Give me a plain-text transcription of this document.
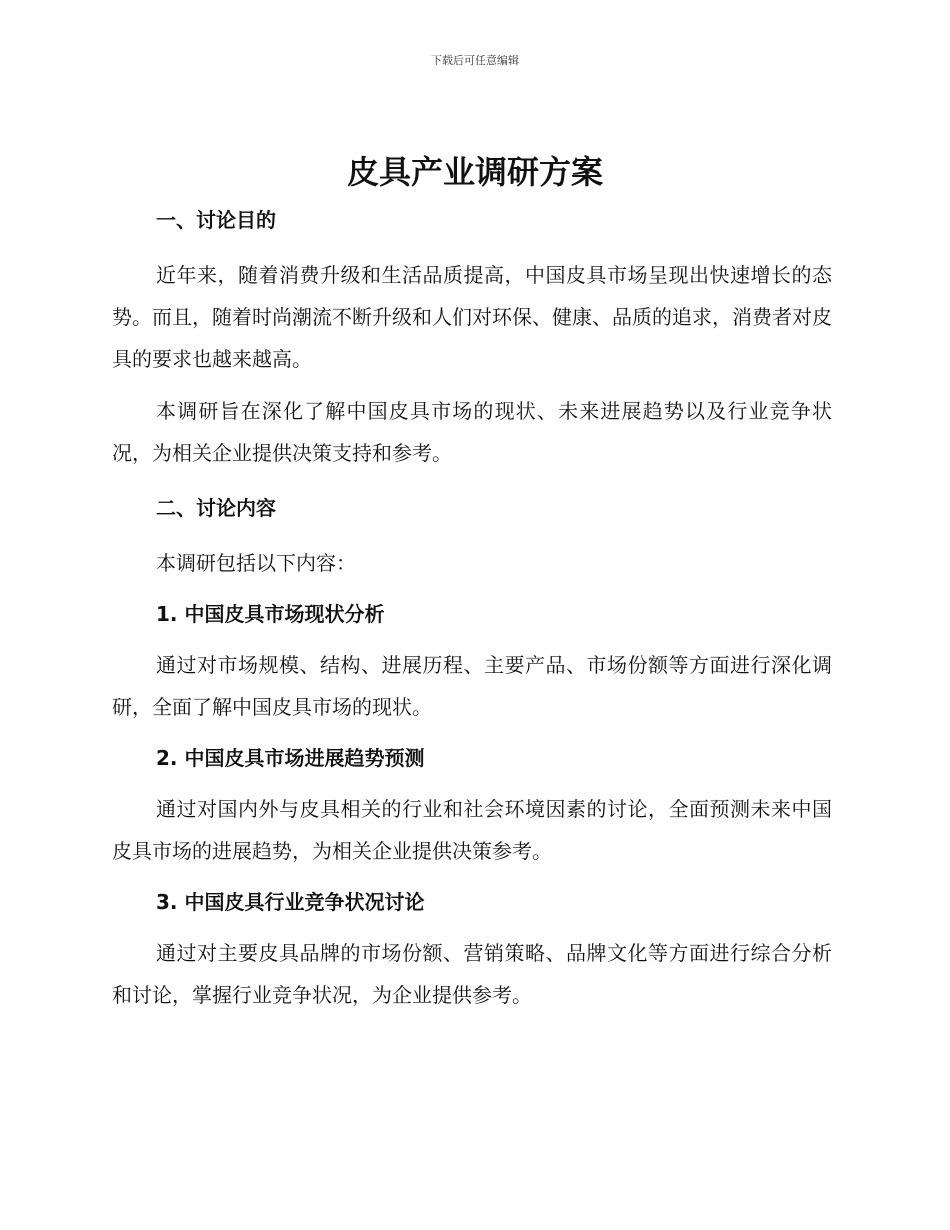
下载后可任意编辑
皮具产业调研方案
一、讨论目的

近年来，随着消费升级和生活品质提高，中国皮具市场呈现出快速增长的态势。而且，随着时尚潮流不断升级和人们对环保、健康、品质的追求，消费者对皮具的要求也越来越高。

本调研旨在深化了解中国皮具市场的现状、未来进展趋势以及行业竞争状况，为相关企业提供决策支持和参考。

二、讨论内容

本调研包括以下内容：

1. 中国皮具市场现状分析

通过对市场规模、结构、进展历程、主要产品、市场份额等方面进行深化调研，全面了解中国皮具市场的现状。

2. 中国皮具市场进展趋势预测

通过对国内外与皮具相关的行业和社会环境因素的讨论，全面预测未来中国皮具市场的进展趋势，为相关企业提供决策参考。

3. 中国皮具行业竞争状况讨论

通过对主要皮具品牌的市场份额、营销策略、品牌文化等方面进行综合分析和讨论，掌握行业竞争状况，为企业提供参考。
